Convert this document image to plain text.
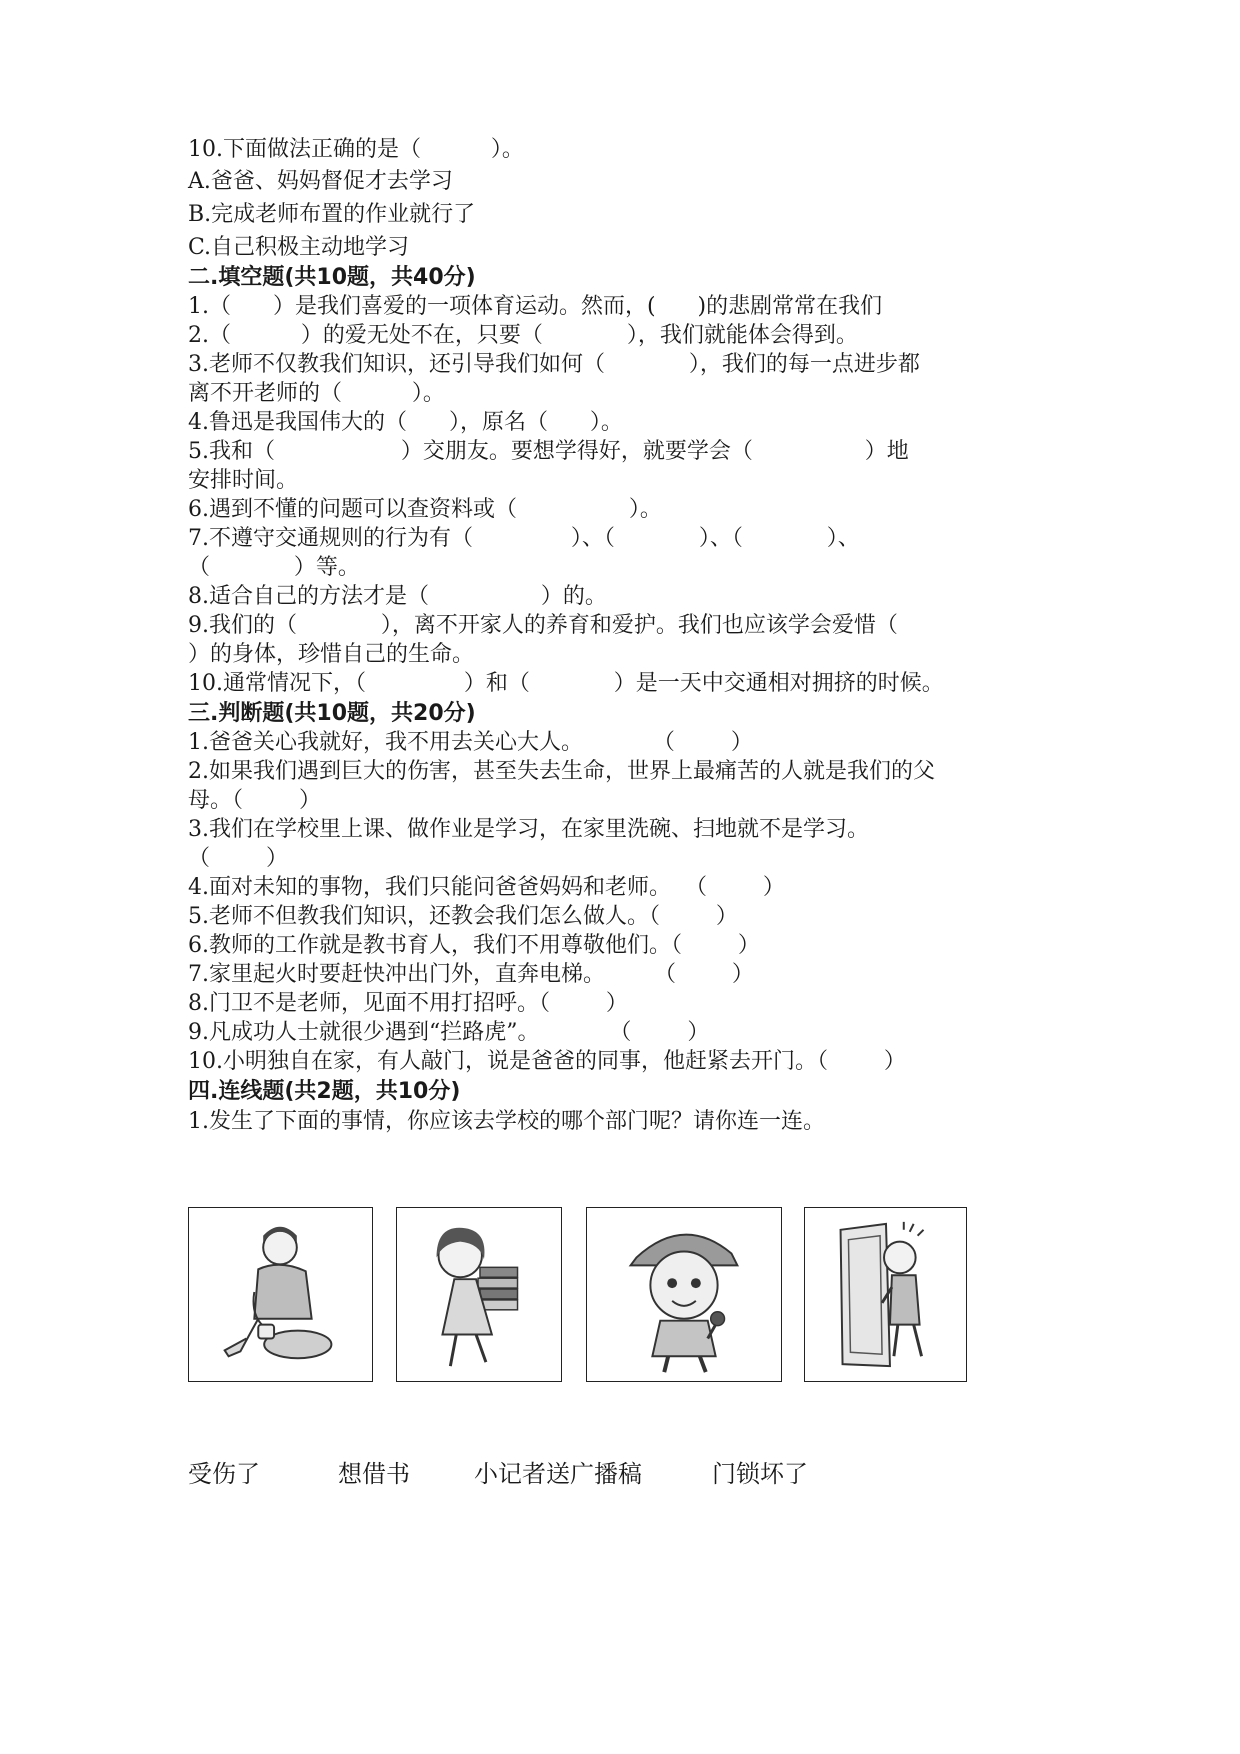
10.下面做法正确的是（          ）。
A.爸爸、妈妈督促才去学习
B.完成老师布置的作业就行了
C.自己积极主动地学习
二.填空题(共10题，共40分)
1.（      ）是我们喜爱的一项体育运动。然而，(      )的悲剧常常在我们
2.（          ）的爱无处不在，只要（            ），我们就能体会得到。
3.老师不仅教我们知识，还引导我们如何（            ），我们的每一点进步都
离不开老师的（          ）。
4.鲁迅是我国伟大的（      ），原名（      ）。
5.我和（                  ）交朋友。要想学得好，就要学会（                ）地
安排时间。
6.遇到不懂的问题可以查资料或（                ）。
7.不遵守交通规则的行为有（              ）、（            ）、（            ）、
（            ）等。
8.适合自己的方法才是（                ）的。
9.我们的（            ），离不开家人的养育和爱护。我们也应该学会爱惜（
）的身体，珍惜自己的生命。
10.通常情况下，（              ）和（            ）是一天中交通相对拥挤的时候。
三.判断题(共10题，共20分)
1.爸爸关心我就好，我不用去关心大人。          （        ）
2.如果我们遇到巨大的伤害，甚至失去生命，世界上最痛苦的人就是我们的父
母。（        ）
3.我们在学校里上课、做作业是学习，在家里洗碗、扫地就不是学习。
（        ）
4.面对未知的事物，我们只能问爸爸妈妈和老师。  （        ）
5.老师不但教我们知识，还教会我们怎么做人。（        ）
6.教师的工作就是教书育人，我们不用尊敬他们。（        ）
7.家里起火时要赶快冲出门外，直奔电梯。       （        ）
8.门卫不是老师，见面不用打招呼。（        ）
9.凡成功人士就很少遇到“拦路虎”。          （        ）
10.小明独自在家，有人敲门，说是爸爸的同事，他赶紧去开门。（        ）
四.连线题(共2题，共10分)
1.发生了下面的事情，你应该去学校的哪个部门呢？请你连一连。
受伤了	想借书	小记者送广播稿	门锁坏了
